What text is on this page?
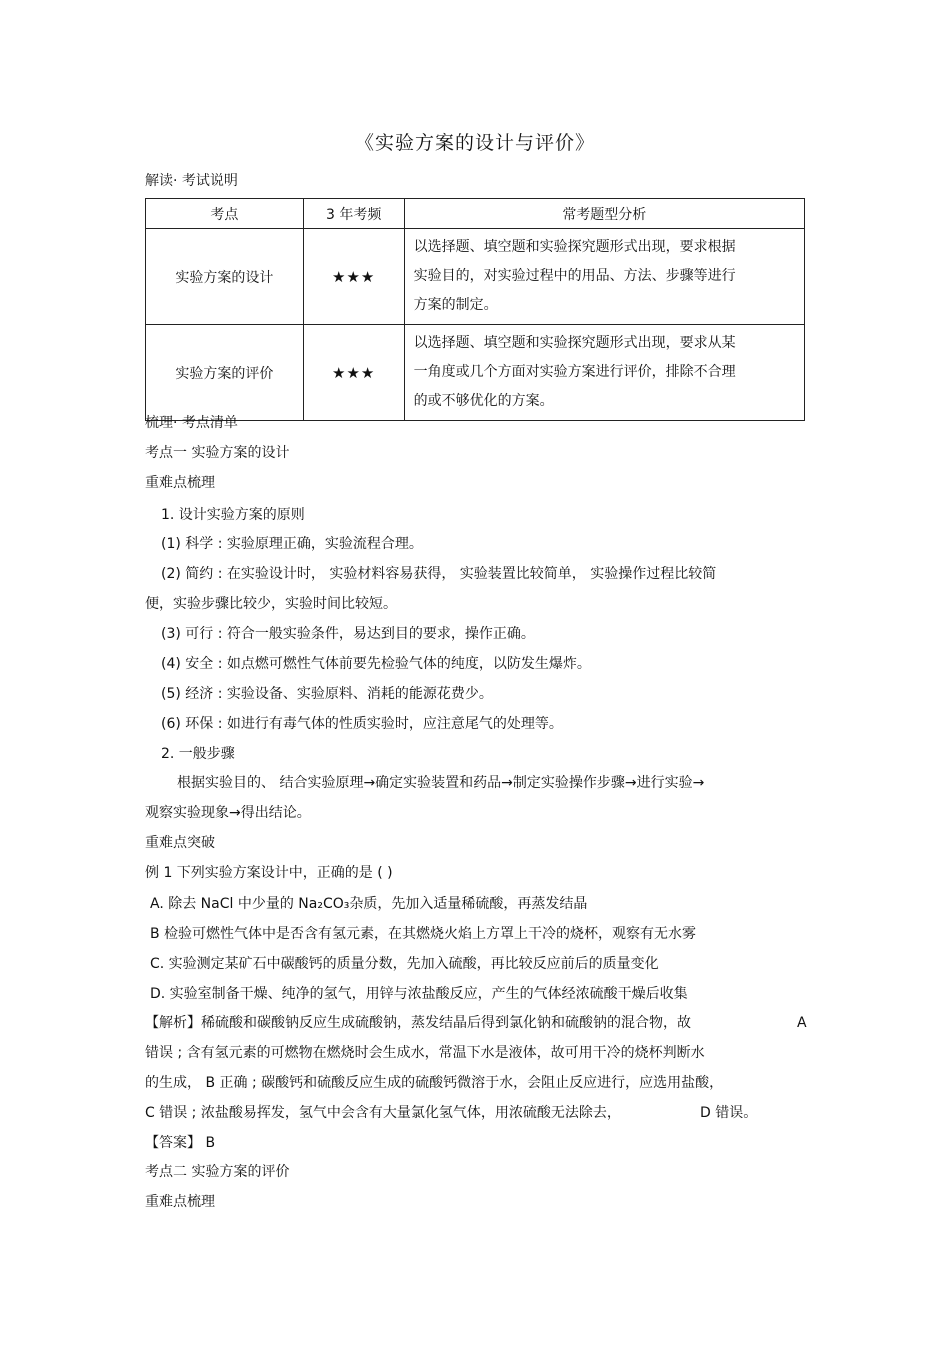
《实验方案的设计与评价》
解读· 考试说明
考点	3 年考频	常考题型分析
实验方案的设计	★★★	以选择题、填空题和实验探究题形式出现，要求根据
实验目的，对实验过程中的用品、方法、步骤等进行
方案的制定。

实验方案的评价	★★★	以选择题、填空题和实验探究题形式出现，要求从某
一角度或几个方面对实验方案进行评价，排除不合理
的或不够优化的方案。
梳理· 考点清单
考点一 实验方案的设计
重难点梳理
1. 设计实验方案的原则
(1) 科学 : 实验原理正确，实验流程合理。
(2) 简约 : 在实验设计时， 实验材料容易获得， 实验装置比较简单， 实验操作过程比较简
便，实验步骤比较少，实验时间比较短。
(3) 可行 : 符合一般实验条件，易达到目的要求，操作正确。
(4) 安全 : 如点燃可燃性气体前要先检验气体的纯度，以防发生爆炸。
(5) 经济 : 实验设备、实验原料、消耗的能源花费少。
(6) 环保 : 如进行有毒气体的性质实验时，应注意尾气的处理等。
2. 一般步骤
根据实验目的、 结合实验原理→确定实验装置和药品→制定实验操作步骤→进行实验→
观察实验现象→得出结论。
重难点突破
例 1 下列实验方案设计中，正确的是 ( )
A. 除去 NaCl 中少量的 Na₂CO₃杂质，先加入适量稀硫酸，再蒸发结晶
B 检验可燃性气体中是否含有氢元素，在其燃烧火焰上方罩上干冷的烧杯，观察有无水雾
C. 实验测定某矿石中碳酸钙的质量分数，先加入硫酸，再比较反应前后的质量变化
D. 实验室制备干燥、纯净的氢气，用锌与浓盐酸反应，产生的气体经浓硫酸干燥后收集
【解析】稀硫酸和碳酸钠反应生成硫酸钠，蒸发结晶后得到氯化钠和硫酸钠的混合物，故	A
错误 ; 含有氢元素的可燃物在燃烧时会生成水，常温下水是液体，故可用干冷的烧杯判断水
的生成， B 正确 ; 碳酸钙和硫酸反应生成的硫酸钙微溶于水，会阻止反应进行，应选用盐酸，
C 错误 ; 浓盐酸易挥发，氢气中会含有大量氯化氢气体，用浓硫酸无法除去，	D 错误。
【答案】 B
考点二 实验方案的评价
重难点梳理
